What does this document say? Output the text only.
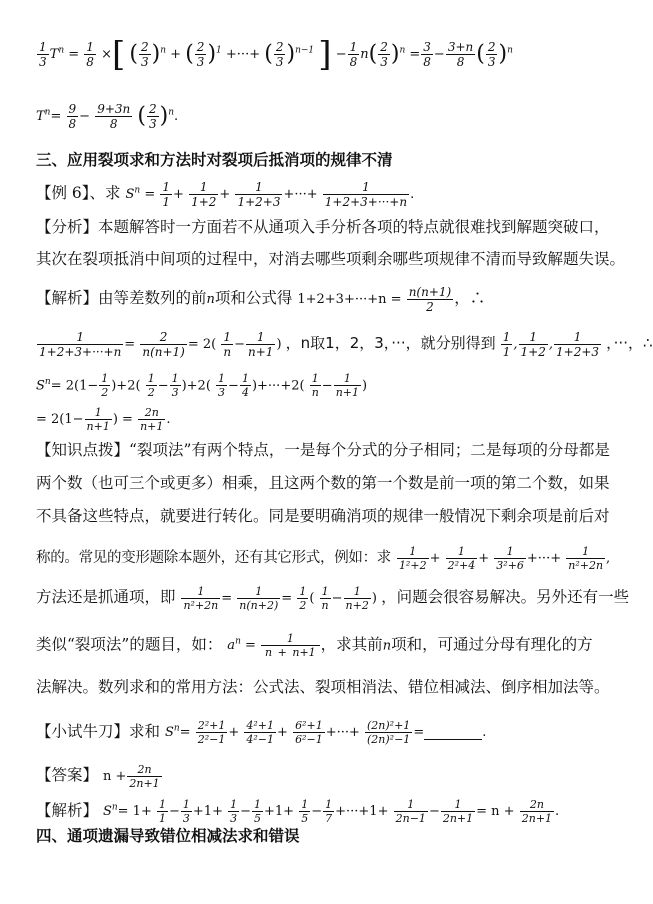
$\frac{1}{3} T^n = \frac{1}{8}$ ×[ ( $\frac{2}{3} )^n$ + ( $\frac{2}{3} )^1$ +···+ ( $\frac{2}{3} )^{n-1}$ ] − $\frac{1}{8} n( \frac{2}{3} )^n = \frac{3}{8} - \frac{3+n}{8}$ ( $\frac{2}{3} )^n$
$T^n= \frac{9}{8} - \frac{9+3n}{8}$ ( $\frac{2}{3} )^n$.
三、应用裂项求和方法时对裂项后抵消项的规律不清
【例 6】、求 $S^n = \frac{1}{1} + \frac{1}{1+2} + \frac{1}{1+2+3}$ +···+ $\frac{1}{1+2+3+\cdot\cdot\cdot+n}$ .
【分析】本题解答时一方面若不从通项入手分析各项的特点就很难找到解题突破口，
其次在裂项抵消中间项的过程中，对消去哪些项剩余哪些项规律不清而导致解题失误。
【解析】由等差数列的前n项和公式得 $1+2+3+\cdot\cdot\cdot+n = \frac{n(n+1)}{2}$ ，∴
$\frac{1}{1+2+3+\cdot\cdot\cdot+n} = \frac{2}{n(n+1)} = 2( \frac{1}{n} - \frac{1}{n+1}$ ) ，n取1，2，3，···，就分别得到 $\frac{1}{1}$ , $\frac{1}{1+2}$ , $\frac{1}{1+2+3}$ ，···，∴
$S^n= 2(1- \frac{1}{2} )+2( \frac{1}{2} - \frac{1}{3} )+2( \frac{1}{3} - \frac{1}{4} )+\cdot\cdot\cdot+2( \frac{1}{n} - \frac{1}{n+1}$ )
= $2(1- \frac{1}{n+1}$ ) = $\frac{2n}{n+1}$ .
【知识点拨】“裂项法”有两个特点，一是每个分式的分子相同；二是每项的分母都是
两个数（也可三个或更多）相乘，且这两个数的第一个数是前一项的第二个数，如果
不具备这些特点，就要进行转化。同是要明确消项的规律一般情况下剩余项是前后对
称的。常见的变形题除本题外，还有其它形式，例如：求 $\frac{1}{\text{1²+2}} + \frac{1}{\text{2²+4}} + \frac{1}{\text{3²+6}}$ +···+ $\frac{1}{\text{n²+2n}}$ ,
方法还是抓通项，即 $\frac{1}{\text{n²+2n}} = \frac{1}{n(n+2)} = \frac{1}{2}$ ( $\frac{1}{n} - \frac{1}{n+2}$ ) ，问题会很容易解决。另外还有一些
类似“裂项法”的题目，如： $a^n = \frac{1}{n + n+1}$ ，求其前n项和，可通过分母有理化的方
法解决。数列求和的常用方法：公式法、裂项相消法、错位相减法、倒序相加法等。
【小试牛刀】求和 $S^n= \frac{\text{2²+1}}{\text{2²−1}} + \frac{\text{4²+1}}{\text{4²−1}} + \frac{\text{6²+1}}{\text{6²−1}}$ +···+ $\frac{\text{(2n)²+1}}{\text{(2n)²−1}}$ =	.
【答案】 $n + \frac{2n}{2n+1}$
【解析】 $S^n= 1+ \frac{1}{1} - \frac{1}{3} +1+ \frac{1}{3} - \frac{1}{5} +1+ \frac{1}{5} - \frac{1}{7} +\cdot\cdot\cdot+1+ \frac{1}{2n-1} - \frac{1}{2n+1} = n + \frac{2n}{2n+1}$ .
四、通项遗漏导致错位相减法求和错误
